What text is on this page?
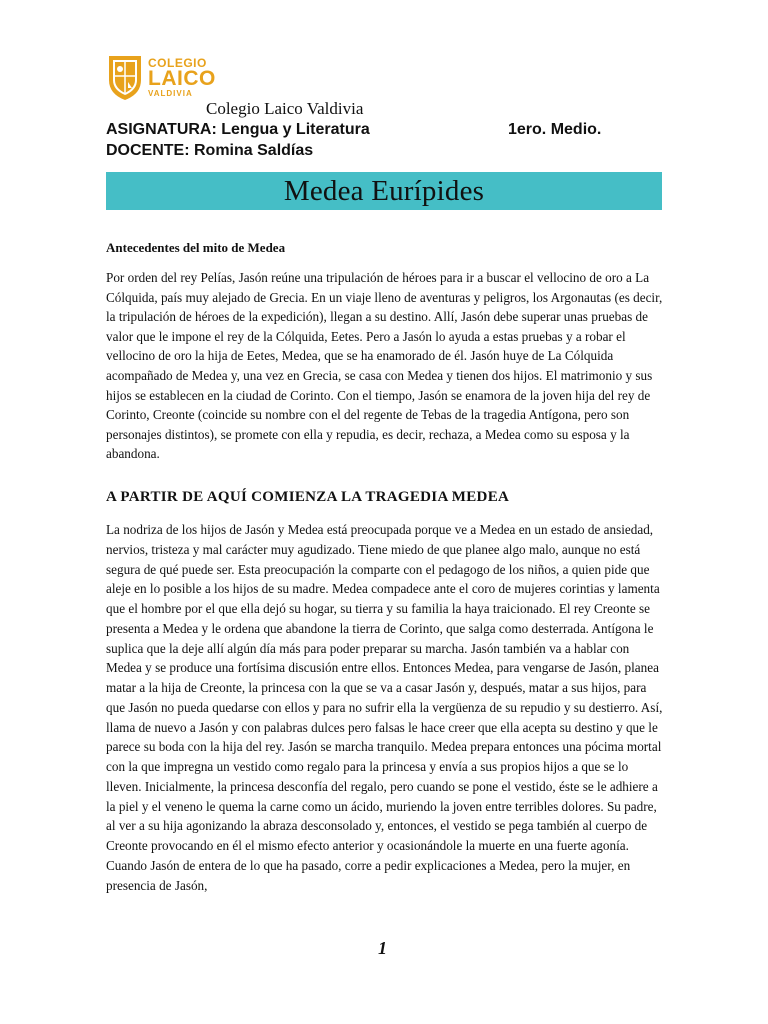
COLEGIO
LAICO
VALDIVIA
Colegio Laico Valdivia
ASIGNATURA: Lengua y Literatura	1ero. Medio.
DOCENTE: Romina Saldías
Medea Eurípides
Antecedentes del mito de Medea

Por orden del rey Pelías, Jasón reúne una tripulación de héroes para ir a buscar el vellocino de oro a La Cólquida, país muy alejado de Grecia. En un viaje lleno de aventuras y peligros, los Argonautas (es decir, la tripulación de héroes de la expedición), llegan a su destino. Allí, Jasón debe superar unas pruebas de valor que le impone el rey de la Cólquida, Eetes. Pero a Jasón lo ayuda a estas pruebas y a robar el vellocino de oro la hija de Eetes, Medea, que se ha enamorado de él. Jasón huye de La Cólquida acompañado de Medea y, una vez en Grecia, se casa con Medea y tienen dos hijos. El matrimonio y sus hijos se establecen en la ciudad de Corinto. Con el tiempo, Jasón se enamora de la joven hija del rey de Corinto, Creonte (coincide su nombre con el del regente de Tebas de la tragedia Antígona, pero son personajes distintos), se promete con ella y repudia, es decir, rechaza, a Medea como su esposa y la abandona.

A PARTIR DE AQUÍ COMIENZA LA TRAGEDIA MEDEA

La nodriza de los hijos de Jasón y Medea está preocupada porque ve a Medea en un estado de ansiedad, nervios, tristeza y mal carácter muy agudizado. Tiene miedo de que planee algo malo, aunque no está segura de qué puede ser. Esta preocupación la comparte con el pedagogo de los niños, a quien pide que aleje en lo posible a los hijos de su madre. Medea compadece ante el coro de mujeres corintias y lamenta que el hombre por el que ella dejó su hogar, su tierra y su familia la haya traicionado. El rey Creonte se presenta a Medea y le ordena que abandone la tierra de Corinto, que salga como desterrada. Antígona le suplica que la deje allí algún día más para poder preparar su marcha. Jasón también va a hablar con Medea y se produce una fortísima discusión entre ellos. Entonces Medea, para vengarse de Jasón, planea matar a la hija de Creonte, la princesa con la que se va a casar Jasón y, después, matar a sus hijos, para que Jasón no pueda quedarse con ellos y para no sufrir ella la vergüenza de su repudio y su destierro. Así, llama de nuevo a Jasón y con palabras dulces pero falsas le hace creer que ella acepta su destino y que le parece su boda con la hija del rey. Jasón se marcha tranquilo. Medea prepara entonces una pócima mortal con la que impregna un vestido como regalo para la princesa y envía a sus propios hijos a que se lo lleven. Inicialmente, la princesa desconfía del regalo, pero cuando se pone el vestido, éste se le adhiere a la piel y el veneno le quema la carne como un ácido, muriendo la joven entre terribles dolores. Su padre, al ver a su hija agonizando la abraza desconsolado y, entonces, el vestido se pega también al cuerpo de Creonte provocando en él el mismo efecto anterior y ocasionándole la muerte en una fuerte agonía. Cuando Jasón de entera de lo que ha pasado, corre a pedir explicaciones a Medea, pero la mujer, en presencia de Jasón,

1
